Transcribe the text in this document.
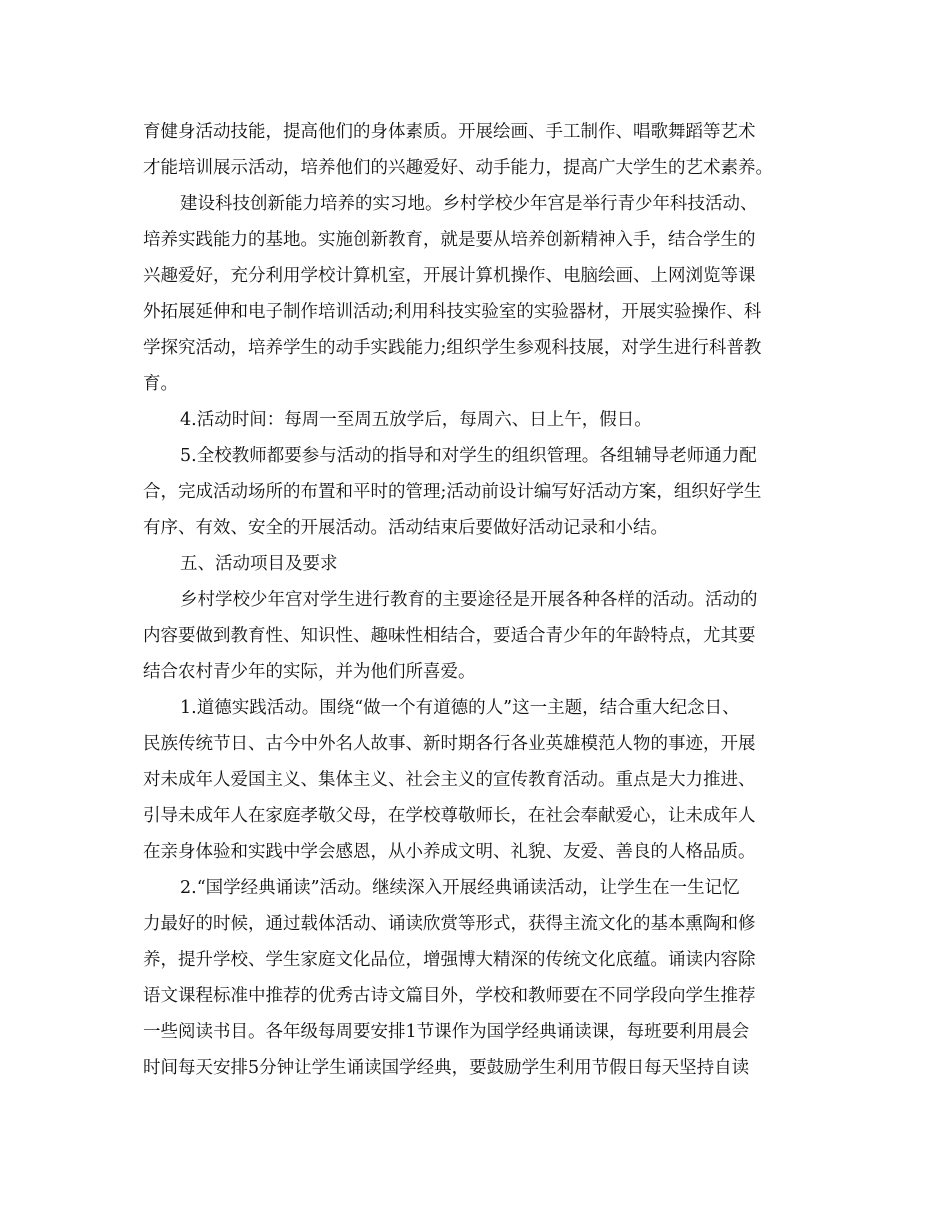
育健身活动技能，提高他们的身体素质。开展绘画、手工制作、唱歌舞蹈等艺术
才能培训展示活动，培养他们的兴趣爱好、动手能力，提高广大学生的艺术素养。
建设科技创新能力培养的实习地。乡村学校少年宫是举行青少年科技活动、
培养实践能力的基地。实施创新教育，就是要从培养创新精神入手，结合学生的
兴趣爱好，充分利用学校计算机室，开展计算机操作、电脑绘画、上网浏览等课
外拓展延伸和电子制作培训活动;利用科技实验室的实验器材，开展实验操作、科
学探究活动，培养学生的动手实践能力;组织学生参观科技展，对学生进行科普教
育。
4.活动时间：每周一至周五放学后，每周六、日上午，假日。
5.全校教师都要参与活动的指导和对学生的组织管理。各组辅导老师通力配
合，完成活动场所的布置和平时的管理;活动前设计编写好活动方案，组织好学生
有序、有效、安全的开展活动。活动结束后要做好活动记录和小结。
五、活动项目及要求
乡村学校少年宫对学生进行教育的主要途径是开展各种各样的活动。活动的
内容要做到教育性、知识性、趣味性相结合，要适合青少年的年龄特点，尤其要
结合农村青少年的实际，并为他们所喜爱。
1.道德实践活动。围绕“做一个有道德的人”这一主题，结合重大纪念日、
民族传统节日、古今中外名人故事、新时期各行各业英雄模范人物的事迹，开展
对未成年人爱国主义、集体主义、社会主义的宣传教育活动。重点是大力推进、
引导未成年人在家庭孝敬父母，在学校尊敬师长，在社会奉献爱心，让未成年人
在亲身体验和实践中学会感恩，从小养成文明、礼貌、友爱、善良的人格品质。
2.“国学经典诵读”活动。继续深入开展经典诵读活动，让学生在一生记忆
力最好的时候，通过载体活动、诵读欣赏等形式，获得主流文化的基本熏陶和修
养，提升学校、学生家庭文化品位，增强博大精深的传统文化底蕴。诵读内容除
语文课程标准中推荐的优秀古诗文篇目外，学校和教师要在不同学段向学生推荐
一些阅读书目。各年级每周要安排1节课作为国学经典诵读课，每班要利用晨会
时间每天安排5分钟让学生诵读国学经典，要鼓励学生利用节假日每天坚持自读
